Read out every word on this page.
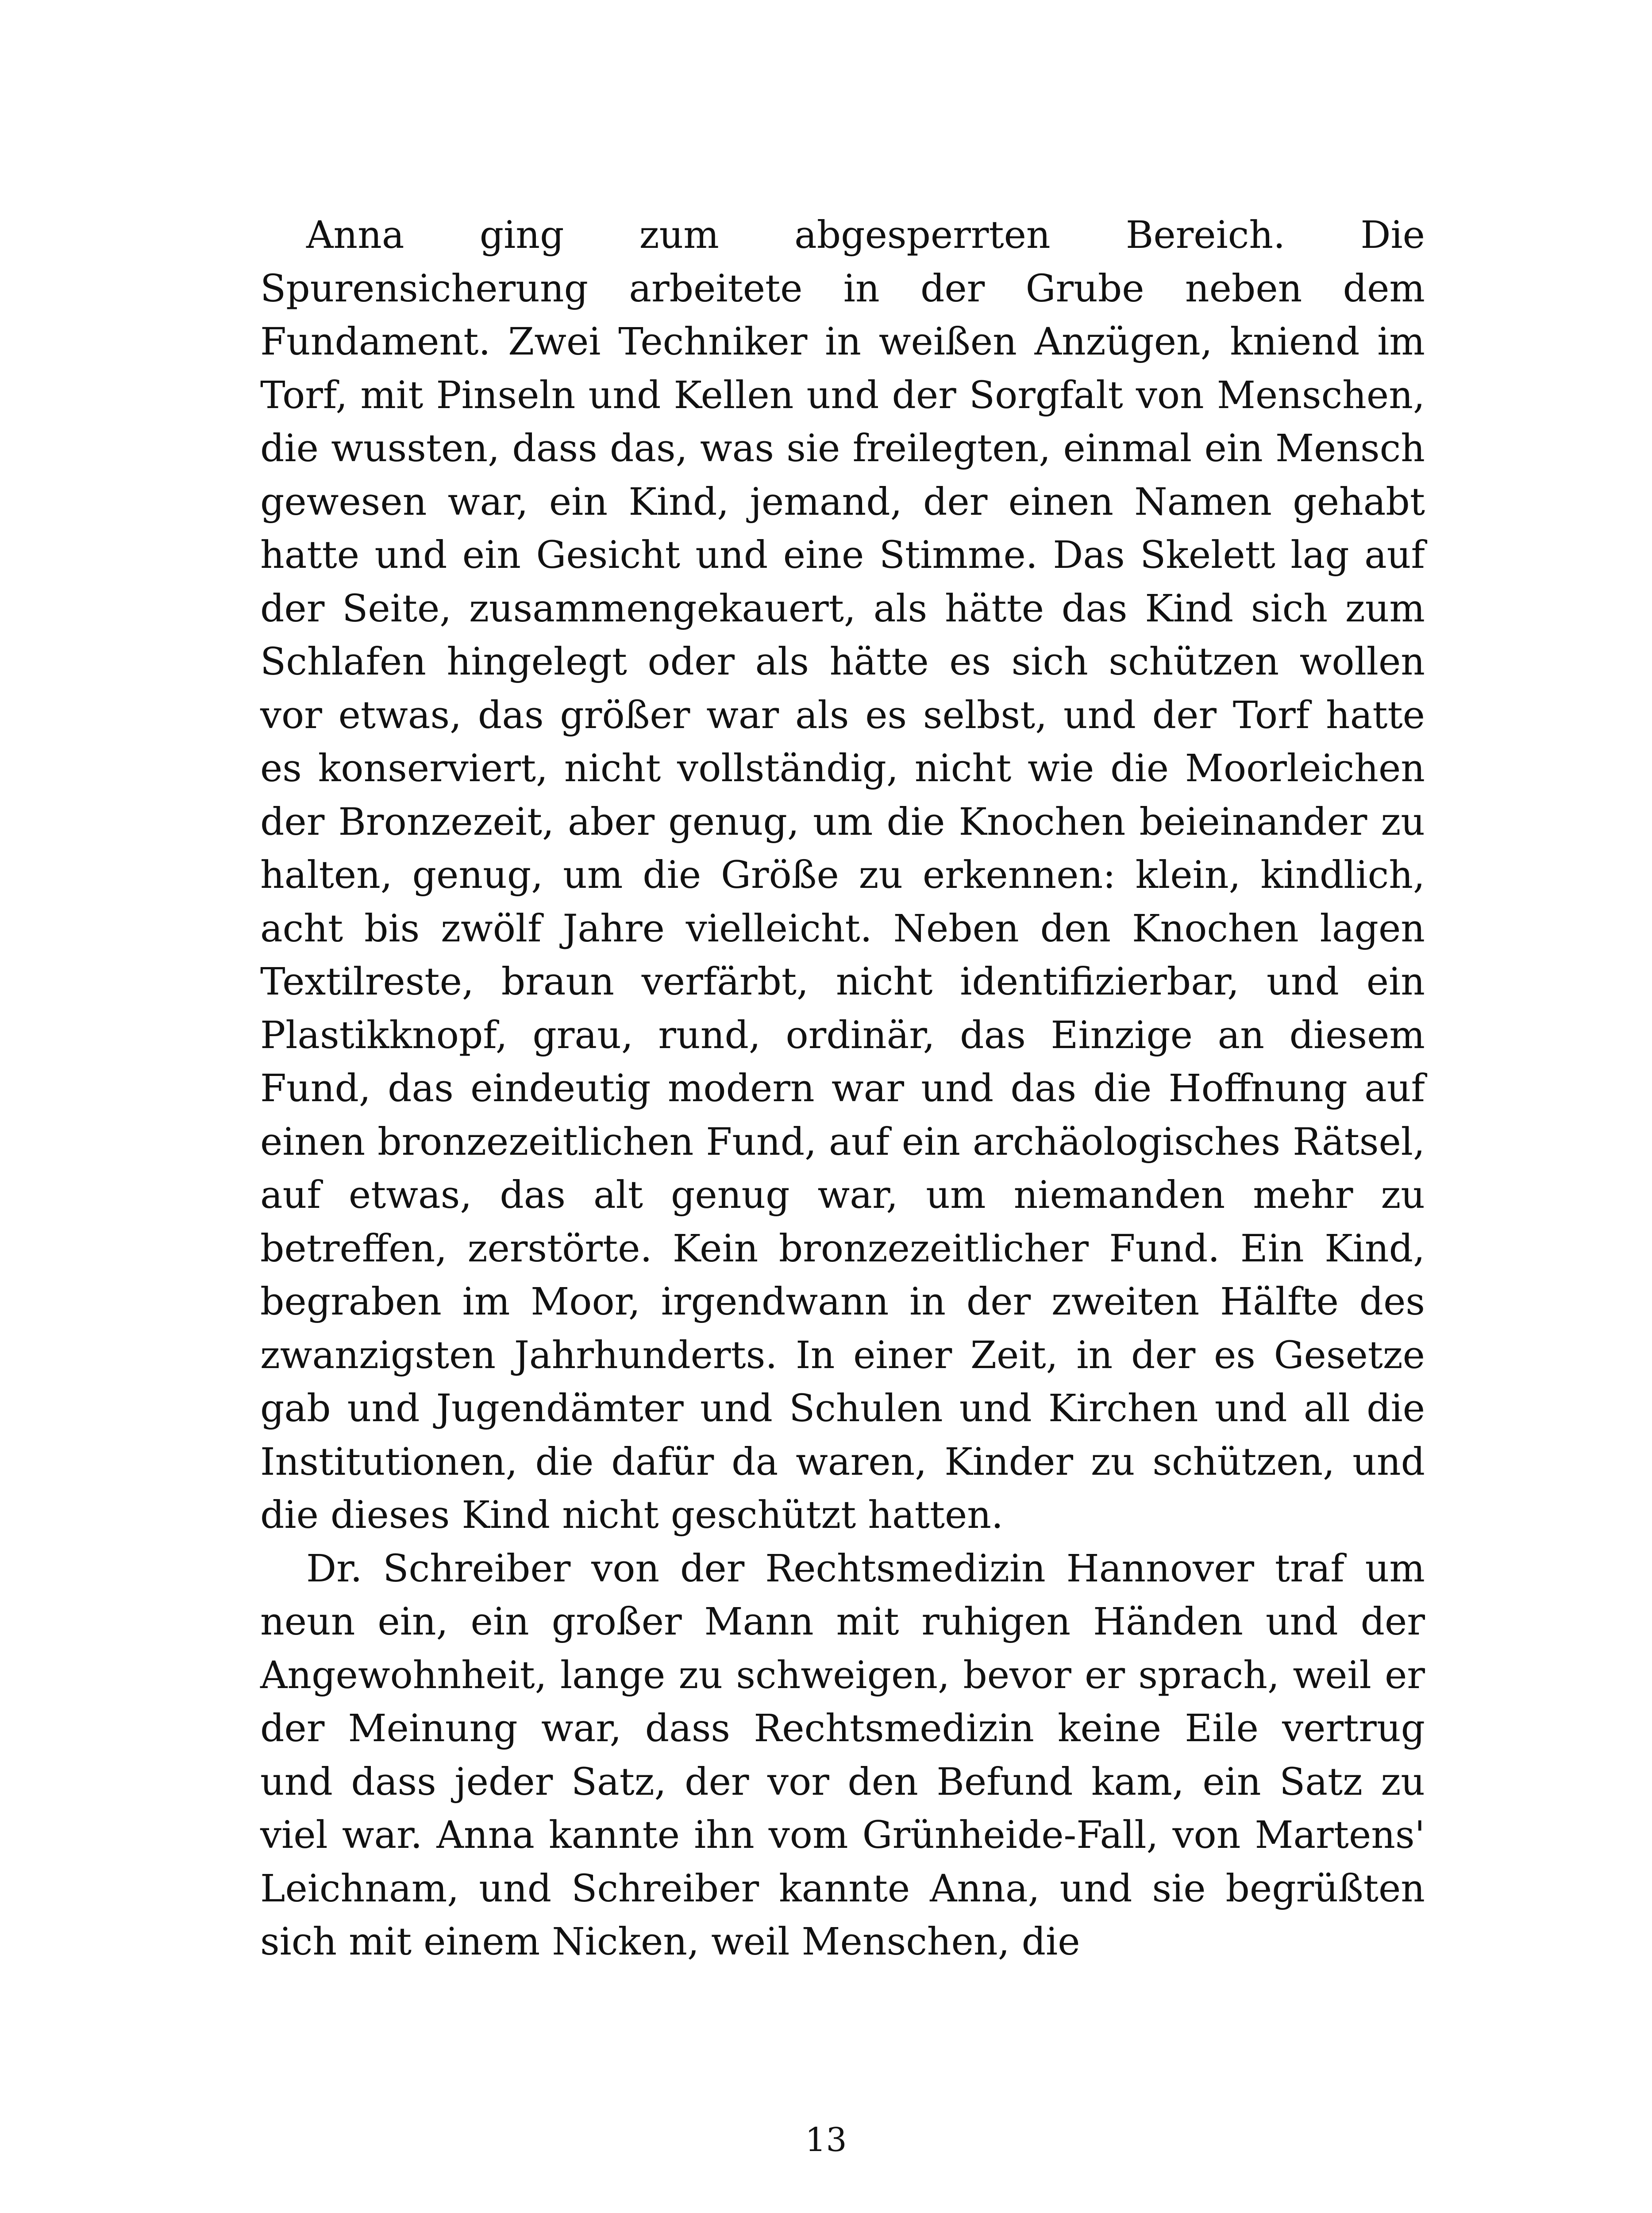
Anna ging zum abgesperrten Bereich. Die Spurensicherung arbeitete in der Grube neben dem Fundament. Zwei Techniker in weißen Anzügen, kniend im Torf, mit Pinseln und Kellen und der Sorgfalt von Menschen, die wussten, dass das, was sie freilegten, einmal ein Mensch gewesen war, ein Kind, jemand, der einen Namen gehabt hatte und ein Gesicht und eine Stimme. Das Skelett lag auf der Seite, zusammengekauert, als hätte das Kind sich zum Schlafen hingelegt oder als hätte es sich schützen wollen vor etwas, das größer war als es selbst, und der Torf hatte es konserviert, nicht vollständig, nicht wie die Moorleichen der Bronzezeit, aber genug, um die Knochen beieinander zu halten, genug, um die Größe zu erkennen: klein, kindlich, acht bis zwölf Jahre vielleicht. Neben den Knochen lagen Textilreste, braun verfärbt, nicht identifizierbar, und ein Plastikknopf, grau, rund, ordinär, das Einzige an diesem Fund, das eindeutig modern war und das die Hoffnung auf einen bronzezeitlichen Fund, auf ein archäologisches Rätsel, auf etwas, das alt genug war, um niemanden mehr zu betreffen, zerstörte. Kein bronzezeitlicher Fund. Ein Kind, begraben im Moor, irgendwann in der zweiten Hälfte des zwanzigsten Jahrhunderts. In einer Zeit, in der es Gesetze gab und Jugendämter und Schulen und Kirchen und all die Institutionen, die dafür da waren, Kinder zu schützen, und die dieses Kind nicht geschützt hatten.

Dr. Schreiber von der Rechtsmedizin Hannover traf um neun ein, ein großer Mann mit ruhigen Händen und der Angewohnheit, lange zu schweigen, bevor er sprach, weil er der Meinung war, dass Rechtsmedizin keine Eile vertrug und dass jeder Satz, der vor den Befund kam, ein Satz zu viel war. Anna kannte ihn vom Grünheide-Fall, von Martens' Leichnam, und Schreiber kannte Anna, und sie begrüßten sich mit einem Nicken, weil Menschen, die

13
